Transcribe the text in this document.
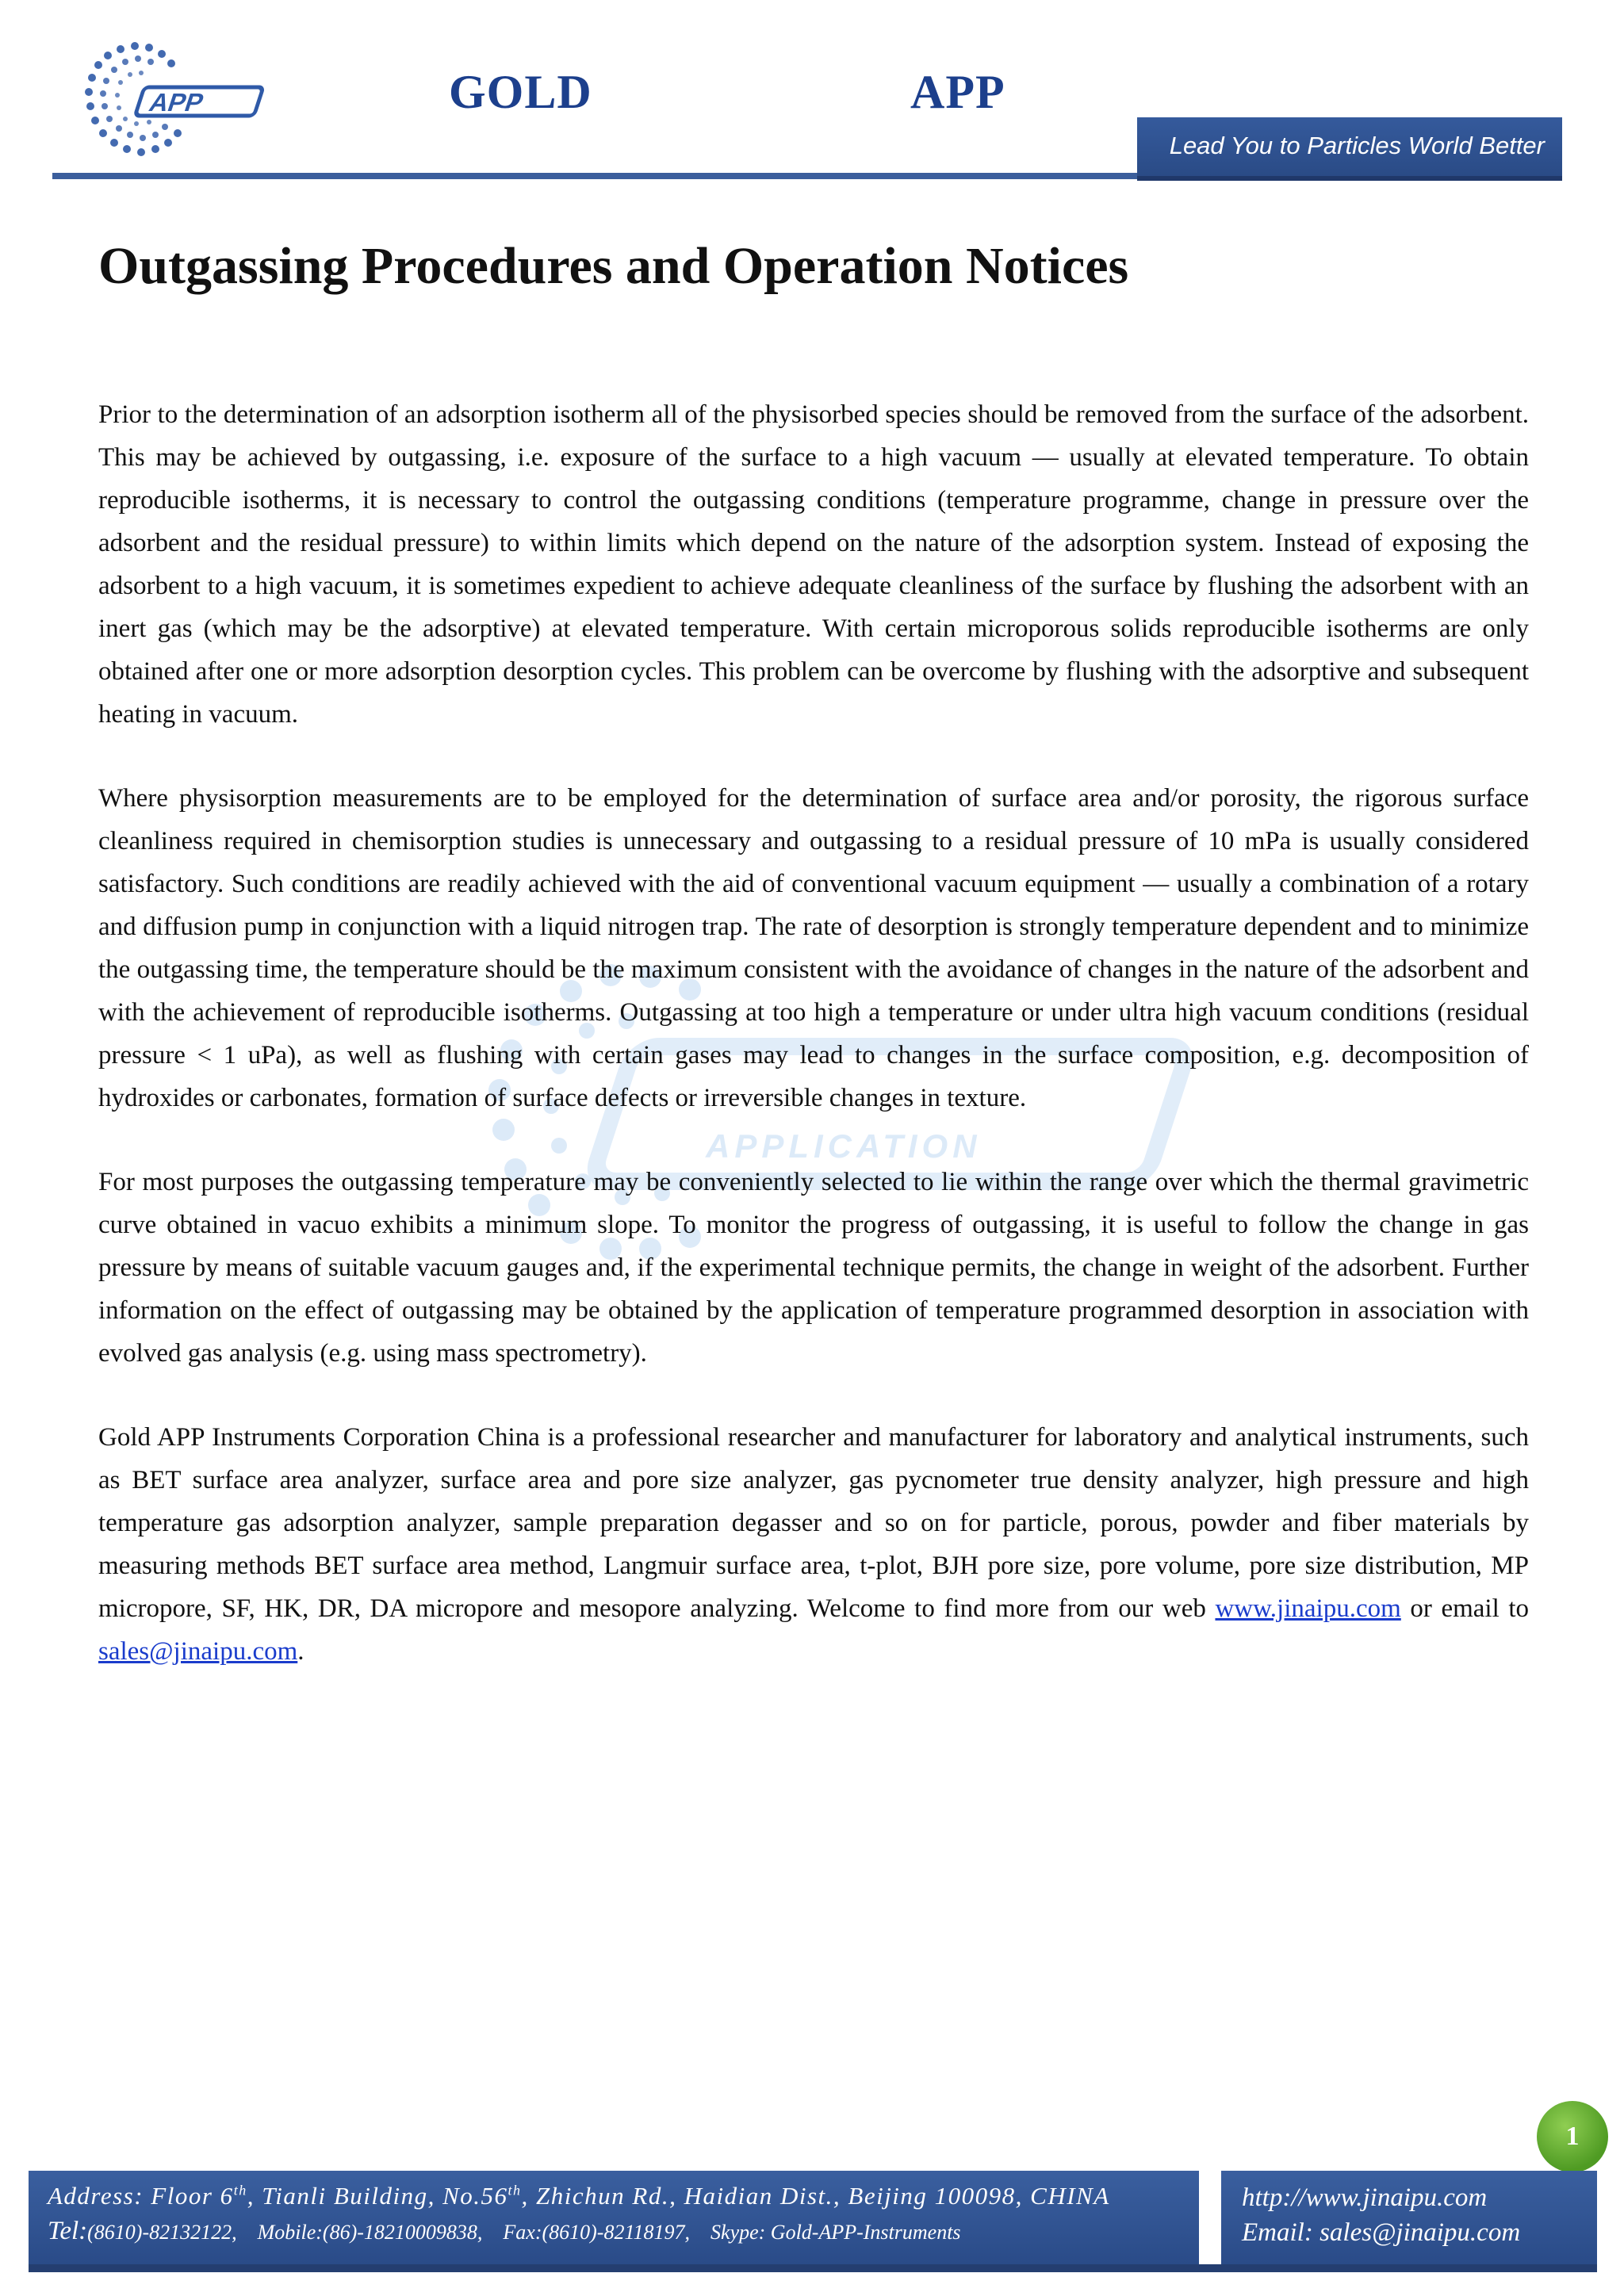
APP	GOLD	APP
Lead You to Particles World Better
APPLICATION
Outgassing Procedures and Operation Notices

Prior to the determination of an adsorption isotherm all of the physisorbed species should be removed from the surface of the adsorbent. This may be achieved by outgassing, i.e. exposure of the surface to a high vacuum — usually at elevated temperature. To obtain reproducible isotherms, it is necessary to control the outgassing conditions (temperature programme, change in pressure over the adsorbent and the residual pressure) to within limits which depend on the nature of the adsorption system. Instead of exposing the adsorbent to a high vacuum, it is sometimes expedient to achieve adequate cleanliness of the surface by flushing the adsorbent with an inert gas (which may be the adsorptive) at elevated temperature. With certain microporous solids reproducible isotherms are only obtained after one or more adsorption desorption cycles. This problem can be overcome by flushing with the adsorptive and subsequent heating in vacuum.

Where physisorption measurements are to be employed for the determination of surface area and/or porosity, the rigorous surface cleanliness required in chemisorption studies is unnecessary and outgassing to a residual pressure of 10 mPa is usually considered satisfactory. Such conditions are readily achieved with the aid of conventional vacuum equipment — usually a combination of a rotary and diffusion pump in conjunction with a liquid nitrogen trap. The rate of desorption is strongly temperature dependent and to minimize the outgassing time, the temperature should be the maximum consistent with the avoidance of changes in the nature of the adsorbent and with the achievement of reproducible isotherms. Outgassing at too high a temperature or under ultra high vacuum conditions (residual pressure < 1 uPa), as well as flushing with certain gases may lead to changes in the surface composition, e.g. decomposition of hydroxides or carbonates, formation of surface defects or irreversible changes in texture.

For most purposes the outgassing temperature may be conveniently selected to lie within the range over which the thermal gravimetric curve obtained in vacuo exhibits a minimum slope. To monitor the progress of outgassing, it is useful to follow the change in gas pressure by means of suitable vacuum gauges and, if the experimental technique permits, the change in weight of the adsorbent. Further information on the effect of outgassing may be obtained by the application of temperature programmed desorption in association with evolved gas analysis (e.g. using mass spectrometry).

Gold APP Instruments Corporation China is a professional researcher and manufacturer for laboratory and analytical instruments, such as BET surface area analyzer, surface area and pore size analyzer, gas pycnometer true density analyzer, high pressure and high temperature gas adsorption analyzer, sample preparation degasser and so on for particle, porous, powder and fiber materials by measuring methods BET surface area method, Langmuir surface area, t-plot, BJH pore size, pore volume, pore size distribution, MP micropore, SF, HK, DR, DA micropore and mesopore analyzing. Welcome to find more from our web www.jinaipu.com or email to sales@jinaipu.com.

1
Address: Floor 6th, Tianli Building, No.56th, Zhichun Rd., Haidian Dist., Beijing 100098, CHINA
Tel:(8610)-82132122, Mobile:(86)-18210009838, Fax:(8610)-82118197, Skype: Gold-APP-Instruments
http://www.jinaipu.com
Email: sales@jinaipu.com
